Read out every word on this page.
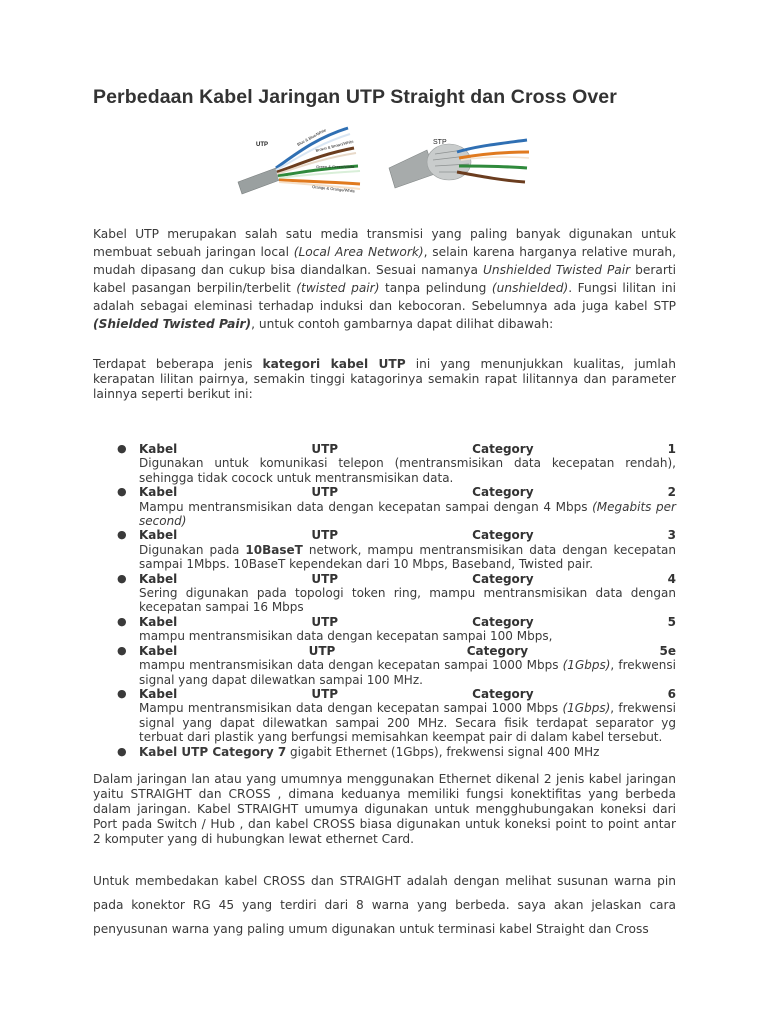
Perbedaan Kabel Jaringan UTP Straight dan Cross Over
UTP	Blue & Blue/White
Brown & Brown/White
Green & Green/White
Orange & Orange/White
STP

Kabel UTP merupakan salah satu media transmisi yang paling banyak digunakan untuk membuat sebuah jaringan local (Local Area Network), selain karena harganya relative murah, mudah dipasang dan cukup bisa diandalkan. Sesuai namanya Unshielded Twisted Pair berarti kabel pasangan berpilin/terbelit (twisted pair) tanpa pelindung (unshielded). Fungsi lilitan ini adalah sebagai eleminasi terhadap induksi dan kebocoran. Sebelumnya ada juga kabel STP (Shielded Twisted Pair), untuk contoh gambarnya dapat dilihat dibawah:

Terdapat beberapa jenis kategori kabel UTP ini yang menunjukkan kualitas, jumlah kerapatan lilitan pairnya, semakin tinggi katagorinya semakin rapat lilitannya dan parameter lainnya seperti berikut ini:

● Kabel	UTP	Category	1
Digunakan untuk komunikasi telepon (mentransmisikan data kecepatan rendah), sehingga tidak cocock untuk mentransmisikan data.
● Kabel	UTP	Category	2
Mampu mentransmisikan data dengan kecepatan sampai dengan 4 Mbps (Megabits per second)
● Kabel	UTP	Category	3
Digunakan pada 10BaseT network, mampu mentransmisikan data dengan kecepatan sampai 1Mbps. 10BaseT kependekan dari 10 Mbps, Baseband, Twisted pair.
● Kabel	UTP	Category	4
Sering digunakan pada topologi token ring, mampu mentransmisikan data dengan kecepatan sampai 16 Mbps
● Kabel	UTP	Category	5
mampu mentransmisikan data dengan kecepatan sampai 100 Mbps,
● Kabel	UTP	Category	5e
mampu mentransmisikan data dengan kecepatan sampai 1000 Mbps (1Gbps), frekwensi signal yang dapat dilewatkan sampai 100 MHz.
● Kabel	UTP	Category	6
Mampu mentransmisikan data dengan kecepatan sampai 1000 Mbps (1Gbps), frekwensi signal yang dapat dilewatkan sampai 200 MHz. Secara fisik terdapat separator yg terbuat dari plastik yang berfungsi memisahkan keempat pair di dalam kabel tersebut.
● Kabel UTP Category 7 gigabit Ethernet (1Gbps), frekwensi signal 400 MHz

Dalam jaringan lan atau yang umumnya menggunakan Ethernet dikenal 2 jenis kabel jaringan yaitu STRAIGHT dan CROSS , dimana keduanya memiliki fungsi konektifitas yang berbeda dalam jaringan. Kabel STRAIGHT umumya digunakan untuk mengghubungakan koneksi dari Port pada Switch / Hub , dan kabel CROSS biasa digunakan untuk koneksi point to point antar 2 komputer yang di hubungkan lewat ethernet Card.

Untuk membedakan kabel CROSS dan STRAIGHT adalah dengan melihat susunan warna pin pada konektor RG 45 yang terdiri dari 8 warna yang berbeda. saya akan jelaskan cara penyusunan warna yang paling umum digunakan untuk terminasi kabel Straight dan Cross
